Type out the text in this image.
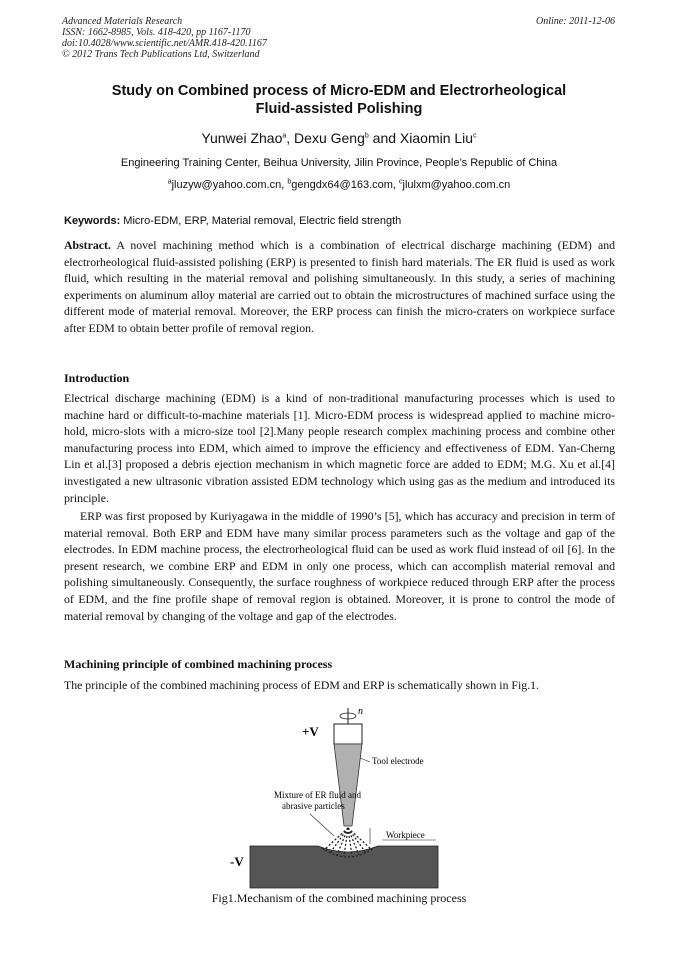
Advanced Materials Research
ISSN: 1662-8985, Vols. 418-420, pp 1167-1170
doi:10.4028/www.scientific.net/AMR.418-420.1167
© 2012 Trans Tech Publications Ltd, Switzerland
Online: 2011-12-06
Study on Combined process of Micro-EDM and Electrorheological
Fluid-assisted Polishing
Yunwei Zhao$^a$, Dexu Geng$^b$ and Xiaomin Liu$^c$
Engineering Training Center, Beihua University, Jilin Province, People’s Republic of China
$^a$jluzyw@yahoo.com.cn, $^b$gengdx64@163.com, $^c$jlulxm@yahoo.com.cn
Keywords: Micro-EDM, ERP, Material removal, Electric field strength
Abstract. A novel machining method which is a combination of electrical discharge machining (EDM) and electrorheological fluid-assisted polishing (ERP) is presented to finish hard materials. The ER fluid is used as work fluid, which resulting in the material removal and polishing simultaneously. In this study, a series of machining experiments on aluminum alloy material are carried out to obtain the microstructures of machined surface using the different mode of material removal. Moreover, the ERP process can finish the micro-craters on workpiece surface after EDM to obtain better profile of removal region.
Introduction
Electrical discharge machining (EDM) is a kind of non-traditional manufacturing processes which is used to machine hard or difficult-to-machine materials [1]. Micro-EDM process is widespread applied to machine micro-hold, micro-slots with a micro-size tool [2].Many people research complex machining process and combine other manufacturing process into EDM, which aimed to improve the efficiency and effectiveness of EDM. Yan-Cherng Lin et al.[3] proposed a debris ejection mechanism in which magnetic force are added to EDM; M.G. Xu et al.[4] investigated a new ultrasonic vibration assisted EDM technology which using gas as the medium and introduced its principle.
ERP was first proposed by Kuriyagawa in the middle of 1990’s [5], which has accuracy and precision in term of material removal. Both ERP and EDM have many similar process parameters such as the voltage and gap of the electrodes. In EDM machine process, the electrorheological fluid can be used as work fluid instead of oil [6]. In the present research, we combine ERP and EDM in only one process, which can accomplish material removal and polishing simultaneously. Consequently, the surface roughness of workpiece reduced through ERP after the process of EDM, and the fine profile shape of removal region is obtained. Moreover, it is prone to control the mode of material removal by changing of the voltage and gap of the electrodes.
Machining principle of combined machining process
The principle of the combined machining process of EDM and ERP is schematically shown in Fig.1.
n
+V
Tool electrode
-V
Workpiece
Mixture of ER fluid and
abrasive particles
Fig1.Mechanism of the combined machining process
